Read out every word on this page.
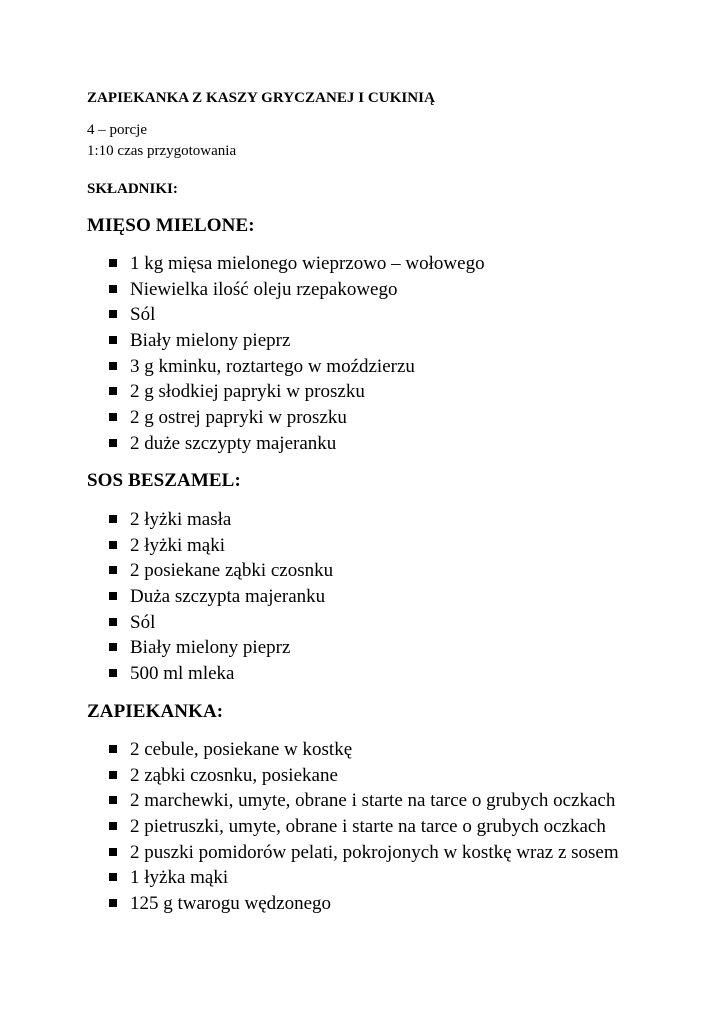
ZAPIEKANKA Z KASZY GRYCZANEJ I CUKINIĄ
4 – porcje
1:10 czas przygotowania
SKŁADNIKI:
MIĘSO MIELONE:
1 kg mięsa mielonego wieprzowo – wołowego
Niewielka ilość oleju rzepakowego
Sól
Biały mielony pieprz
3 g kminku, roztartego w moździerzu
2 g słodkiej papryki w proszku
2 g ostrej papryki w proszku
2 duże szczypty majeranku
SOS BESZAMEL:
2 łyżki masła
2 łyżki mąki
2 posiekane ząbki czosnku
Duża szczypta majeranku
Sól
Biały mielony pieprz
500 ml mleka
ZAPIEKANKA:
2 cebule, posiekane w kostkę
2 ząbki czosnku, posiekane
2 marchewki, umyte, obrane i starte na tarce o grubych oczkach
2 pietruszki, umyte, obrane i starte na tarce o grubych oczkach
2 puszki pomidorów pelati, pokrojonych w kostkę wraz z sosem
1 łyżka mąki
125 g twarogu wędzonego
